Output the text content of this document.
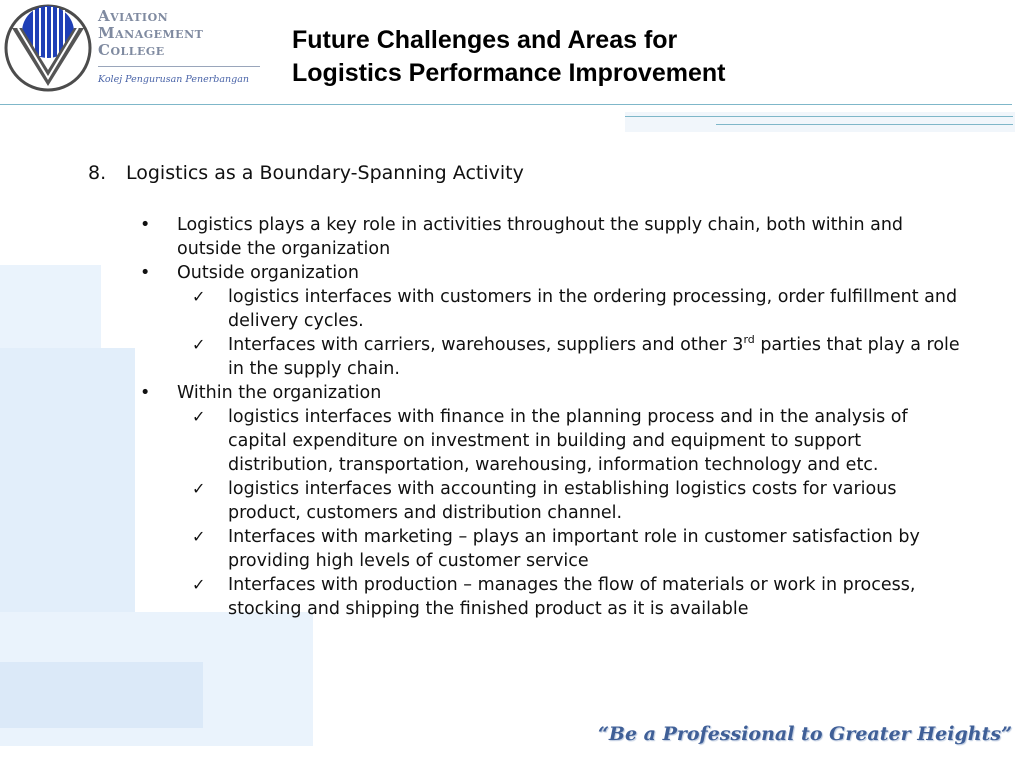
Aviation
Management
College
Kolej Pengurusan Penerbangan
Future Challenges and Areas for
Logistics Performance Improvement
8. Logistics as a Boundary-Spanning Activity
•	Logistics plays a key role in activities throughout the supply chain, both within and outside the organization
•	Outside organization
✓ logistics interfaces with customers in the ordering processing, order fulfillment and delivery cycles.
✓ Interfaces with carriers, warehouses, suppliers and other 3rd parties that play a role in the supply chain.
•	Within the organization
✓ logistics interfaces with finance in the planning process and in the analysis of capital expenditure on investment in building and equipment to support distribution, transportation, warehousing, information technology and etc.
✓ logistics interfaces with accounting in establishing logistics costs for various product, customers and distribution channel.
✓ Interfaces with marketing – plays an important role in customer satisfaction by providing high levels of customer service
✓ Interfaces with production – manages the flow of materials or work in process, stocking and shipping the finished product as it is available
“Be a Professional to Greater Heights”
